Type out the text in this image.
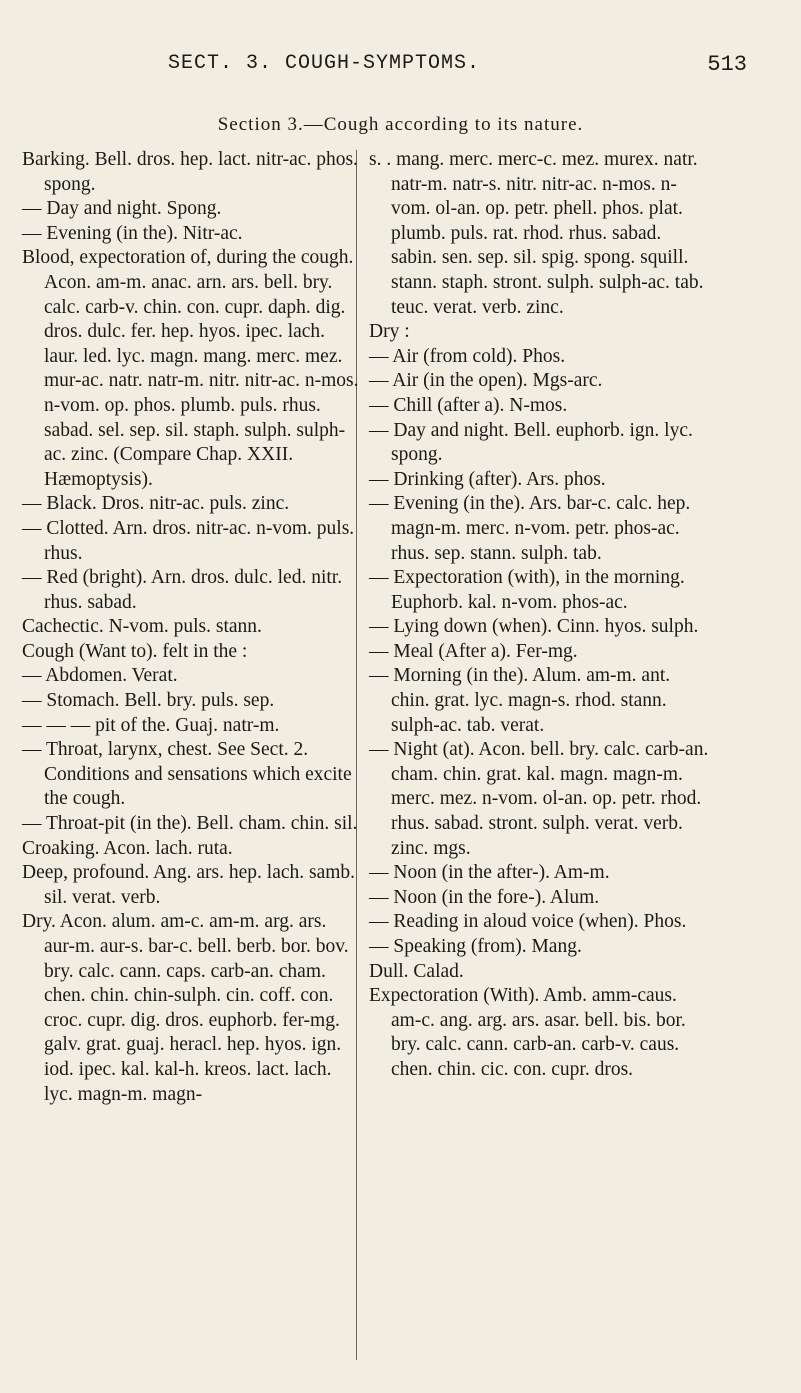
SECT. 3. COUGH-SYMPTOMS.	513
Section 3.—Cough according to its nature.
Barking. Bell. dros. hep. lact. nitr-ac. phos. spong.
— Day and night. Spong.
— Evening (in the). Nitr-ac.
Blood, expectoration of, during the cough. Acon. am-m. anac. arn. ars. bell. bry. calc. carb-v. chin. con. cupr. daph. dig. dros. dulc. fer. hep. hyos. ipec. lach. laur. led. lyc. magn. mang. merc. mez. mur-ac. natr. natr-m. nitr. nitr-ac. n-mos. n-vom. op. phos. plumb. puls. rhus. sabad. sel. sep. sil. staph. sulph. sulph-ac. zinc. (Compare Chap. XXII. Hæmoptysis).
— Black. Dros. nitr-ac. puls. zinc.
— Clotted. Arn. dros. nitr-ac. n-vom. puls. rhus.
— Red (bright). Arn. dros. dulc. led. nitr. rhus. sabad.
Cachectic. N-vom. puls. stann.
Cough (Want to). felt in the :
— Abdomen. Verat.
— Stomach. Bell. bry. puls. sep.
— — — pit of the. Guaj. natr-m.
— Throat, larynx, chest. See Sect. 2. Conditions and sensations which excite the cough.
— Throat-pit (in the). Bell. cham. chin. sil.
Croaking. Acon. lach. ruta.
Deep, profound. Ang. ars. hep. lach. samb. sil. verat. verb.
Dry. Acon. alum. am-c. am-m. arg. ars. aur-m. aur-s. bar-c. bell. berb. bor. bov. bry. calc. cann. caps. carb-an. cham. chen. chin. chin-sulph. cin. coff. con. croc. cupr. dig. dros. euphorb. fer-mg. galv. grat. guaj. heracl. hep. hyos. ign. iod. ipec. kal. kal-h. kreos. lact. lach. lyc. magn-m. magn-
s. . mang. merc. merc-c. mez. murex. natr. natr-m. natr-s. nitr. nitr-ac. n-mos. n-vom. ol-an. op. petr. phell. phos. plat. plumb. puls. rat. rhod. rhus. sabad. sabin. sen. sep. sil. spig. spong. squill. stann. staph. stront. sulph. sulph-ac. tab. teuc. verat. verb. zinc.
Dry :
— Air (from cold). Phos.
— Air (in the open). Mgs-arc.
— Chill (after a). N-mos.
— Day and night. Bell. euphorb. ign. lyc. spong.
— Drinking (after). Ars. phos.
— Evening (in the). Ars. bar-c. calc. hep. magn-m. merc. n-vom. petr. phos-ac. rhus. sep. stann. sulph. tab.
— Expectoration (with), in the morning. Euphorb. kal. n-vom. phos-ac.
— Lying down (when). Cinn. hyos. sulph.
— Meal (After a). Fer-mg.
— Morning (in the). Alum. am-m. ant. chin. grat. lyc. magn-s. rhod. stann. sulph-ac. tab. verat.
— Night (at). Acon. bell. bry. calc. carb-an. cham. chin. grat. kal. magn. magn-m. merc. mez. n-vom. ol-an. op. petr. rhod. rhus. sabad. stront. sulph. verat. verb. zinc. mgs.
— Noon (in the after-). Am-m.
— Noon (in the fore-). Alum.
— Reading in aloud voice (when). Phos.
— Speaking (from). Mang.
Dull. Calad.
Expectoration (With). Amb. amm-caus. am-c. ang. arg. ars. asar. bell. bis. bor. bry. calc. cann. carb-an. carb-v. caus. chen. chin. cic. con. cupr. dros.
